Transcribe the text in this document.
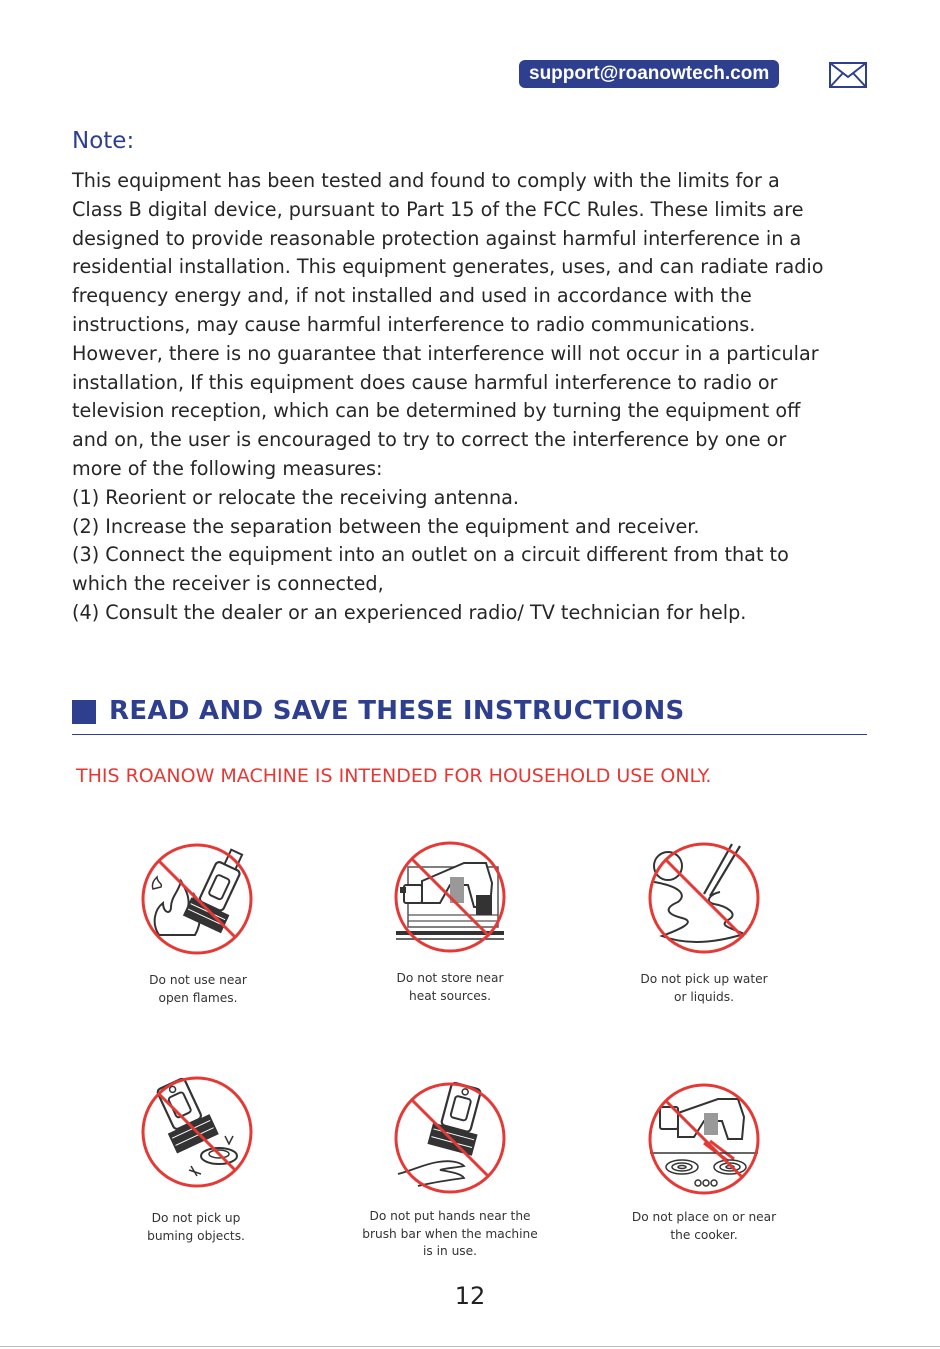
support@roanowtech.com
Note:

This equipment has been tested and found to comply with the limits for a

Class B digital device, pursuant to Part 15 of the FCC Rules. These limits are

designed to provide reasonable protection against harmful interference in a

residential installation. This equipment generates, uses, and can radiate radio

frequency energy and, if not installed and used in accordance with the

instructions, may cause harmful interference to radio communications.

However, there is no guarantee that interference will not occur in a particular

installation, If this equipment does cause harmful interference to radio or

television reception, which can be determined by turning the equipment off

and on, the user is encouraged to try to correct the interference by one or

more of the following measures:

(1) Reorient or relocate the receiving antenna.

(2) Increase the separation between the equipment and receiver.

(3) Connect the equipment into an outlet on a circuit different from that to

which the receiver is connected,

(4) Consult the dealer or an experienced radio/ TV technician for help.

READ AND SAVE THESE INSTRUCTIONS
THIS ROANOW MACHINE IS INTENDED FOR HOUSEHOLD USE ONLY.
Do not use near
open flames.
Do not store near
heat sources.
Do not pick up water
or liquids.
Do not pick up
buming objects.
Do not put hands near the
brush bar when the machine
is in use.
Do not place on or near
the cooker.
12
